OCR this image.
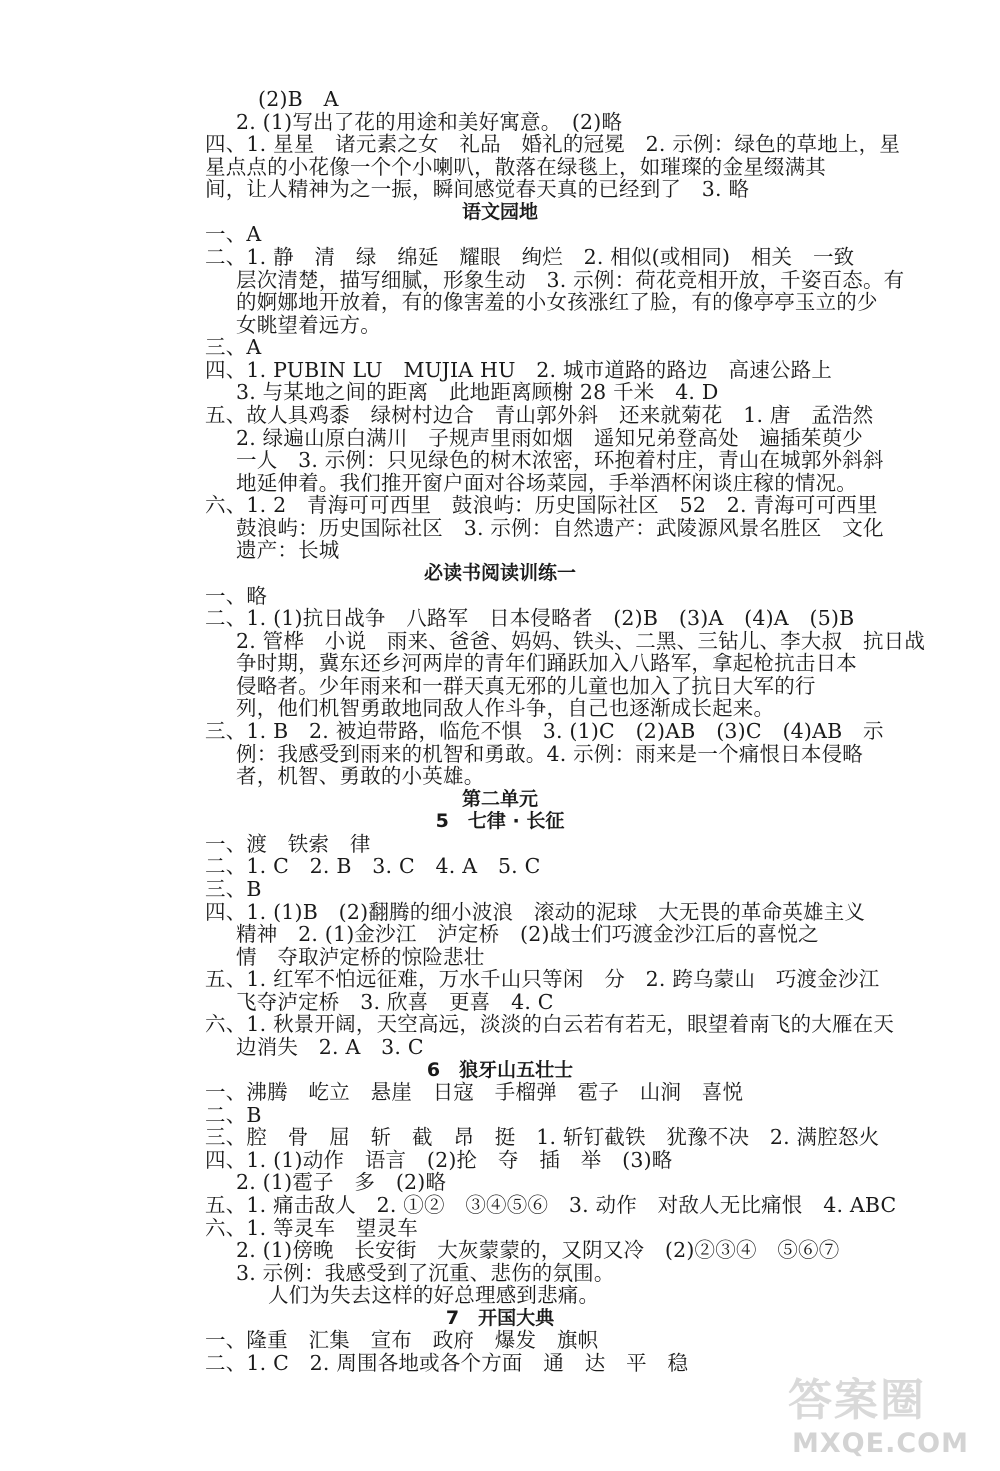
(2)B　A
2. (1)写出了花的用途和美好寓意。　(2)略
四、1. 星星　诸元素之女　礼品　婚礼的冠冕　2. 示例：绿色的草地上，星
星点点的小花像一个个小喇叭，散落在绿毯上，如璀璨的金星缀满其
间，让人精神为之一振，瞬间感觉春天真的已经到了　3. 略
语文园地
一、A
二、1. 静　清　绿　绵延　耀眼　绚烂　2. 相似(或相同)　相关　一致
层次清楚，描写细腻，形象生动　3. 示例：荷花竞相开放，千姿百态。有
的婀娜地开放着，有的像害羞的小女孩涨红了脸，有的像亭亭玉立的少
女眺望着远方。
三、A
四、1. PUBIN LU　MUJIA HU　2. 城市道路的路边　高速公路上
3. 与某地之间的距离　此地距离顾榭 28 千米　4. D
五、故人具鸡黍　绿树村边合　青山郭外斜　还来就菊花　1. 唐　孟浩然
2. 绿遍山原白满川　子规声里雨如烟　遥知兄弟登高处　遍插茱萸少
一人　3. 示例：只见绿色的树木浓密，环抱着村庄，青山在城郭外斜斜
地延伸着。我们推开窗户面对谷场菜园，手举酒杯闲谈庄稼的情况。
六、1. 2　青海可可西里　鼓浪屿：历史国际社区　52　2. 青海可可西里
鼓浪屿：历史国际社区　3. 示例：自然遗产：武陵源风景名胜区　文化
遗产：长城
必读书阅读训练一
一、略
二、1. (1)抗日战争　八路军　日本侵略者　(2)B　(3)A　(4)A　(5)B
2. 管桦　小说　雨来、爸爸、妈妈、铁头、二黑、三钻儿、李大叔　抗日战
争时期，冀东还乡河两岸的青年们踊跃加入八路军，拿起枪抗击日本
侵略者。少年雨来和一群天真无邪的儿童也加入了抗日大军的行
列，他们机智勇敢地同敌人作斗争，自己也逐渐成长起来。
三、1. B　2. 被迫带路，临危不惧　3. (1)C　(2)AB　(3)C　(4)AB　示
例：我感受到雨来的机智和勇敢。4. 示例：雨来是一个痛恨日本侵略
者，机智、勇敢的小英雄。
第二单元
5　七律 · 长征
一、渡　铁索　律
二、1. C　2. B　3. C　4. A　5. C
三、B
四、1. (1)B　(2)翻腾的细小波浪　滚动的泥球　大无畏的革命英雄主义
精神　2. (1)金沙江　泸定桥　(2)战士们巧渡金沙江后的喜悦之
情　夺取泸定桥的惊险悲壮
五、1. 红军不怕远征难，万水千山只等闲　分　2. 跨乌蒙山　巧渡金沙江
飞夺泸定桥　3. 欣喜　更喜　4. C
六、1. 秋景开阔，天空高远，淡淡的白云若有若无，眼望着南飞的大雁在天
边消失　2. A　3. C
6　狼牙山五壮士
一、沸腾　屹立　悬崖　日寇　手榴弹　雹子　山涧　喜悦
二、B
三、腔　骨　屈　斩　截　昂　挺　1. 斩钉截铁　犹豫不决　2. 满腔怒火
四、1. (1)动作　语言　(2)抡　夺　插　举　(3)略
2. (1)雹子　多　(2)略
五、1. 痛击敌人　2. ①②　③④⑤⑥　3. 动作　对敌人无比痛恨　4. ABC
六、1. 等灵车　望灵车
2. (1)傍晚　长安街　大灰蒙蒙的，又阴又冷　(2)②③④　⑤⑥⑦
3. 示例：我感受到了沉重、悲伤的氛围。
人们为失去这样的好总理感到悲痛。
7　开国大典
一、隆重　汇集　宣布　政府　爆发　旗帜
二、1. C　2. 周围各地或各个方面　通　达　平　稳
答案圈
MXQE.COM
